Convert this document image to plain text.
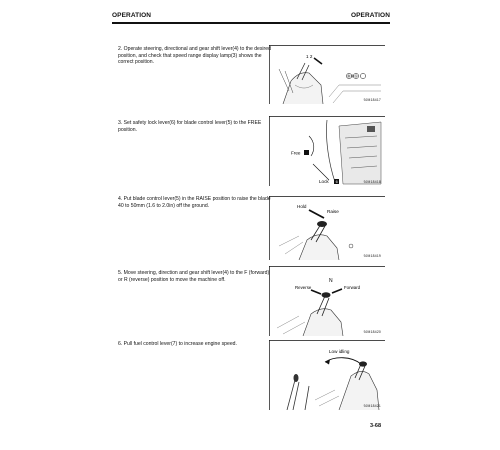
OPERATION	OPERATION
2. Operate steering, directional and gear shift lever(4) to the desired position, and check that speed range display lamp(3) shows the correct position.
1 2
③②①
9JM18417
3. Set safety lock lever(6) for blade control lever(5) to the FREE position.
Free
Lock 6	9JM18418
4. Put blade control lever(5) in the RAISE position to raise the blade 40 to 50mm (1.6 to 2.0in) off the ground.	Hold
Raise
9JM18419
5. Move steering, direction and gear shift lever(4) to the F (forward) or R (reverse) position to move the machine off.	N
Reverse	Forward
9JM18420
6. Pull fuel control lever(7) to increase engine speed.
Low idling
9JM18421
3-68
